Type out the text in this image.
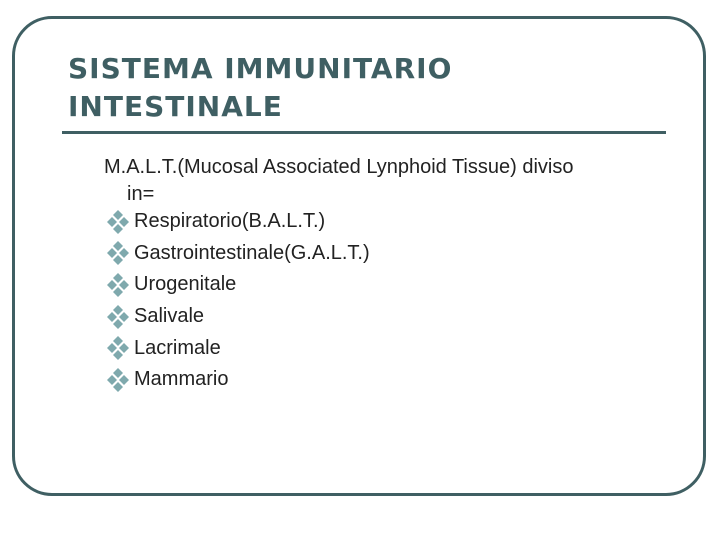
SISTEMA IMMUNITARIO
INTESTINALE
M.A.L.T.(Mucosal Associated Lynphoid Tissue) diviso
in=
Respiratorio(B.A.L.T.)
Gastrointestinale(G.A.L.T.)
Urogenitale
Salivale
Lacrimale
Mammario
